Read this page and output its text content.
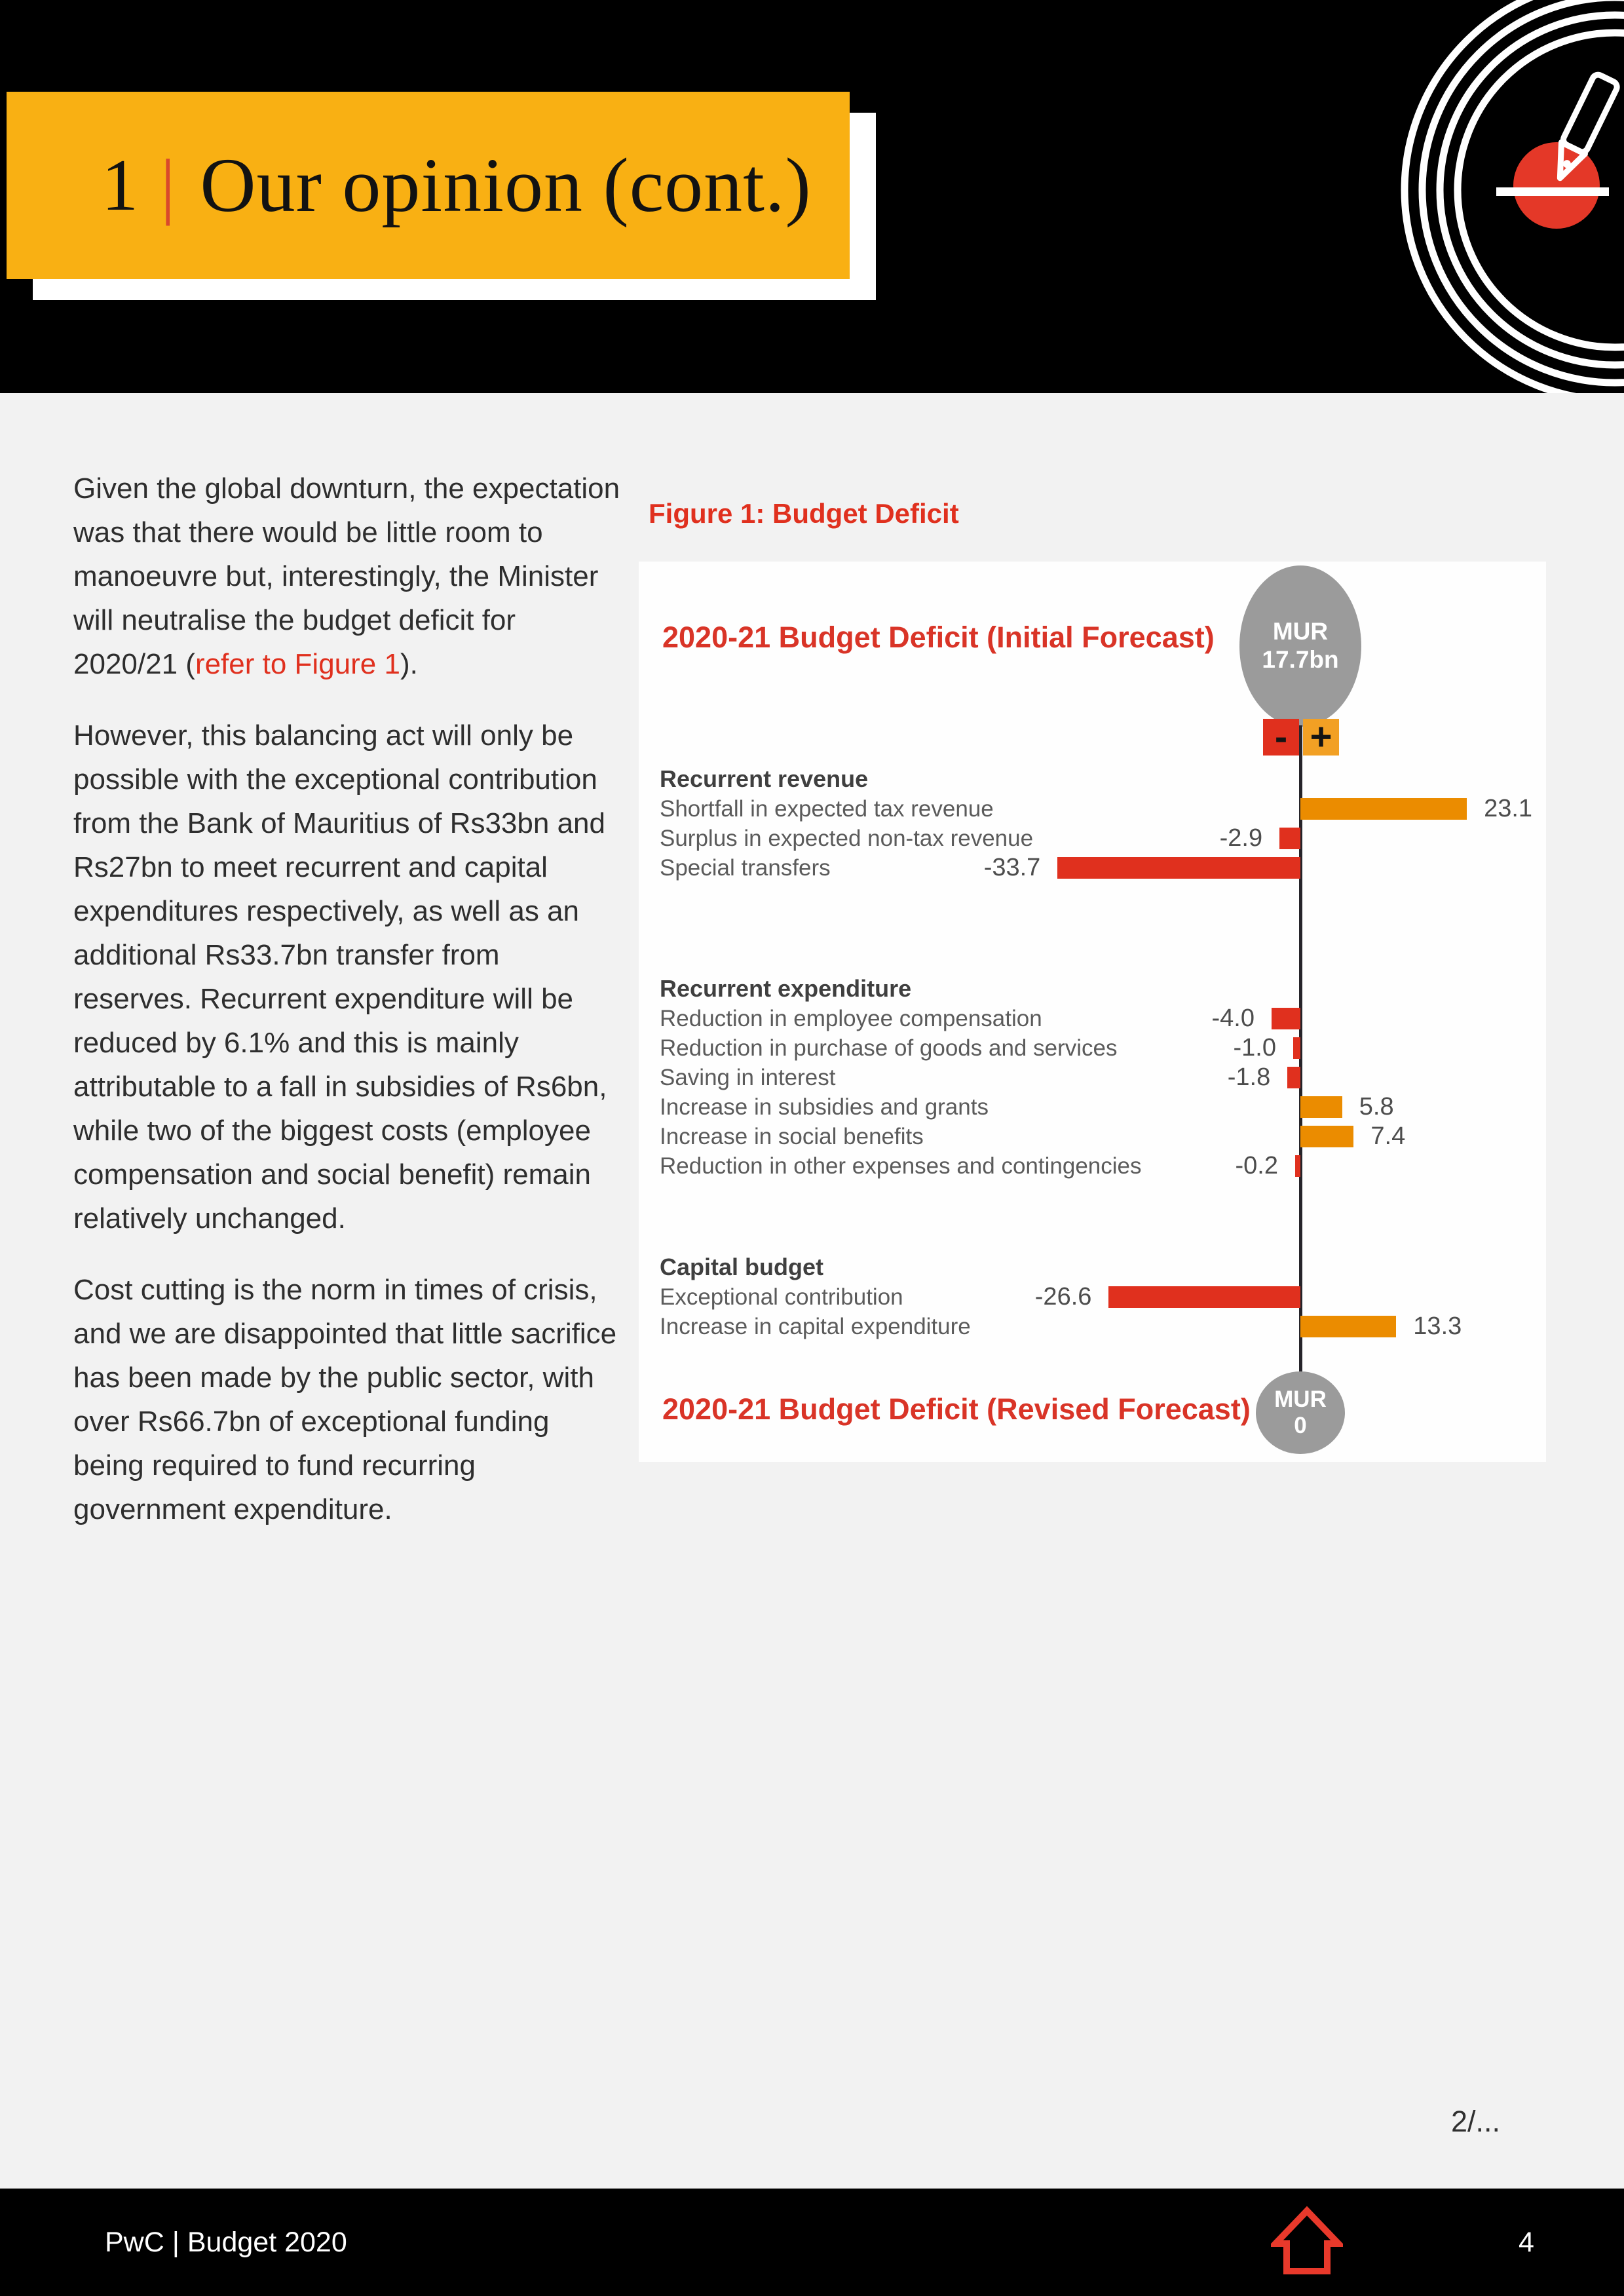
1 | Our opinion (cont.)

Given the global downturn, the expectation was that there would be little room to manoeuvre but, interestingly, the Minister will neutralise the budget deficit for 2020/21 (refer to Figure 1).

However, this balancing act will only be possible with the exceptional contribution from the Bank of Mauritius of Rs33bn and Rs27bn to meet recurrent and capital expenditures respectively, as well as an additional Rs33.7bn transfer from reserves. Recurrent expenditure will be reduced by 6.1% and this is mainly attributable to a fall in subsidies of Rs6bn, while two of the biggest costs (employee compensation and social benefit) remain relatively unchanged.

Cost cutting is the norm in times of crisis, and we are disappointed that little sacrifice has been made by the public sector, with over Rs66.7bn of exceptional funding being required to fund recurring government expenditure.

Figure 1: Budget Deficit
2020-21 Budget Deficit (Initial Forecast) MUR
17.7bn
- +
Recurrent revenue
Shortfall in expected tax revenue	23.1
Surplus in expected non-tax revenue	-2.9
Special transfers	-33.7
Recurrent expenditure
Reduction in employee compensation	-4.0
Reduction in purchase of goods and services	-1.0
Saving in interest	-1.8
Increase in subsidies and grants	5.8
Increase in social benefits	7.4
Reduction in other expenses and contingencies	-0.2
Capital budget
Exceptional contribution	-26.6
Increase in capital expenditure	13.3
2020-21 Budget Deficit (Revised Forecast) MUR
0
2/...
PwC | Budget 2020	4
